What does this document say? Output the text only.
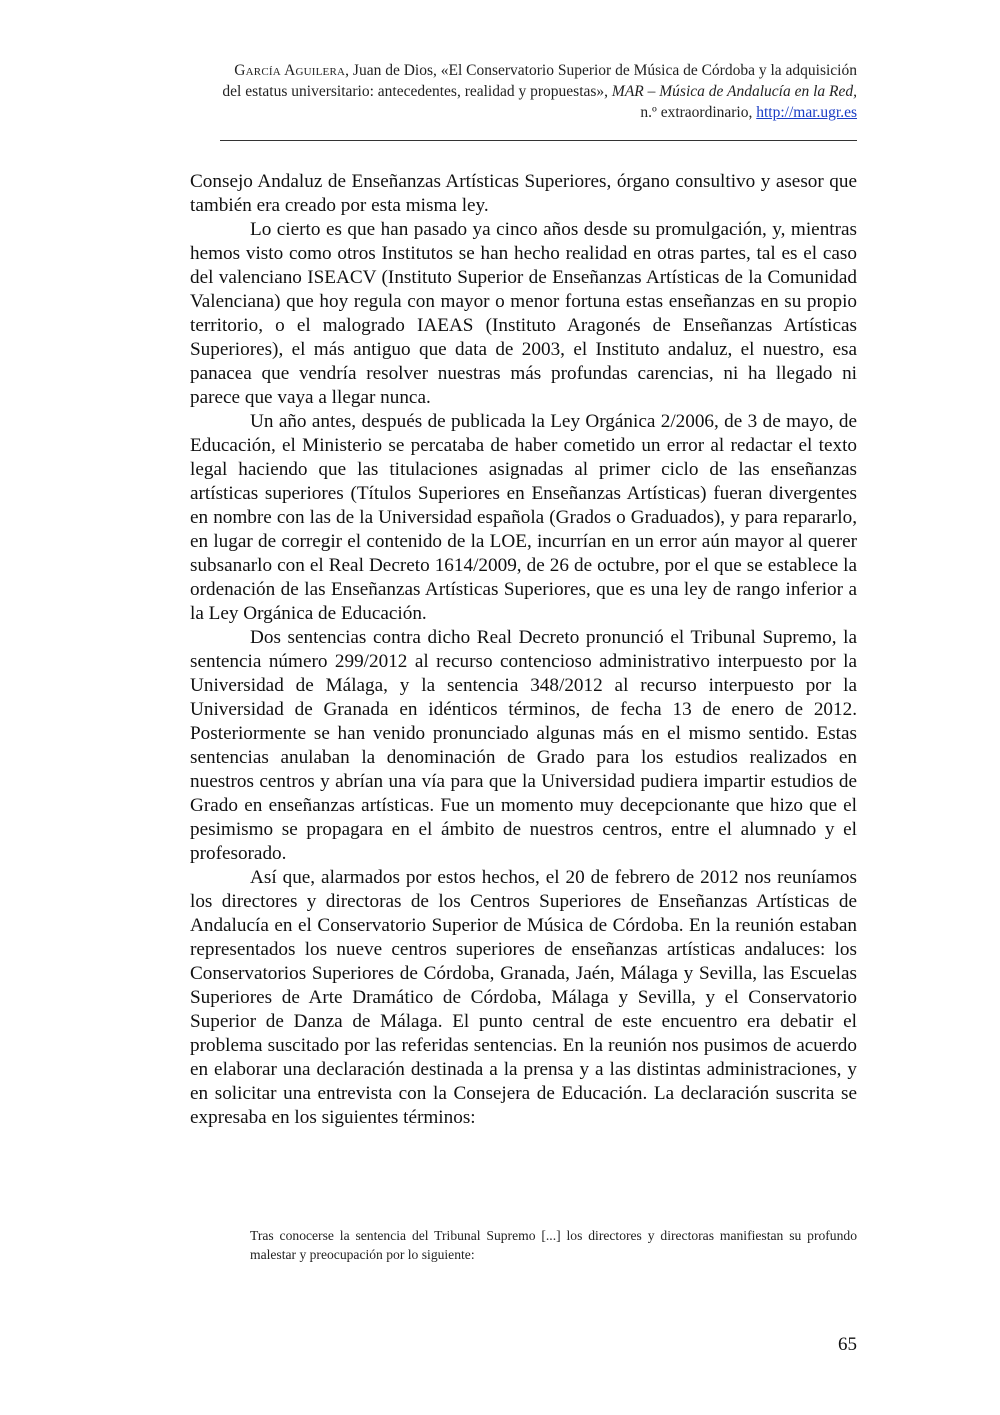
García Aguilera, Juan de Dios, «El Conservatorio Superior de Música de Córdoba y la adquisición del estatus universitario: antecedentes, realidad y propuestas», MAR – Música de Andalucía en la Red, n.º extraordinario, http://mar.ugr.es

Consejo Andaluz de Enseñanzas Artísticas Superiores, órgano consultivo y asesor que también era creado por esta misma ley.

Lo cierto es que han pasado ya cinco años desde su promulgación, y, mientras hemos visto como otros Institutos se han hecho realidad en otras partes, tal es el caso del valenciano ISEACV (Instituto Superior de Enseñanzas Artísticas de la Comunidad Valenciana) que hoy regula con mayor o menor fortuna estas enseñanzas en su propio territorio, o el malogrado IAEAS (Instituto Aragonés de Enseñanzas Artísticas Superiores), el más antiguo que data de 2003, el Instituto andaluz, el nuestro, esa panacea que vendría resolver nuestras más profundas carencias, ni ha llegado ni parece que vaya a llegar nunca.

Un año antes, después de publicada la Ley Orgánica 2/2006, de 3 de mayo, de Educación, el Ministerio se percataba de haber cometido un error al redactar el texto legal haciendo que las titulaciones asignadas al primer ciclo de las enseñanzas artísticas superiores (Títulos Superiores en Enseñanzas Artísticas) fueran divergentes en nombre con las de la Universidad española (Grados o Graduados), y para repararlo, en lugar de corregir el contenido de la LOE, incurrían en un error aún mayor al querer subsanarlo con el Real Decreto 1614/2009, de 26 de octubre, por el que se establece la ordenación de las Enseñanzas Artísticas Superiores, que es una ley de rango inferior a la Ley Orgánica de Educación.

Dos sentencias contra dicho Real Decreto pronunció el Tribunal Supremo, la sentencia número 299/2012 al recurso contencioso administrativo interpuesto por la Universidad de Málaga, y la sentencia 348/2012 al recurso interpuesto por la Universidad de Granada en idénticos términos, de fecha 13 de enero de 2012. Posteriormente se han venido pronunciado algunas más en el mismo sentido. Estas sentencias anulaban la denominación de Grado para los estudios realizados en nuestros centros y abrían una vía para que la Universidad pudiera impartir estudios de Grado en enseñanzas artísticas. Fue un momento muy decepcionante que hizo que el pesimismo se propagara en el ámbito de nuestros centros, entre el alumnado y el profesorado.

Así que, alarmados por estos hechos, el 20 de febrero de 2012 nos reuníamos los directores y directoras de los Centros Superiores de Enseñanzas Artísticas de Andalucía en el Conservatorio Superior de Música de Córdoba. En la reunión estaban representados los nueve centros superiores de enseñanzas artísticas andaluces: los Conservatorios Superiores de Córdoba, Granada, Jaén, Málaga y Sevilla, las Escuelas Superiores de Arte Dramático de Córdoba, Málaga y Sevilla, y el Conservatorio Superior de Danza de Málaga. El punto central de este encuentro era debatir el problema suscitado por las referidas sentencias. En la reunión nos pusimos de acuerdo en elaborar una declaración destinada a la prensa y a las distintas administraciones, y en solicitar una entrevista con la Consejera de Educación. La declaración suscrita se expresaba en los siguientes términos:

Tras conocerse la sentencia del Tribunal Supremo [...] los directores y directoras manifiestan su profundo malestar y preocupación por lo siguiente:
65
